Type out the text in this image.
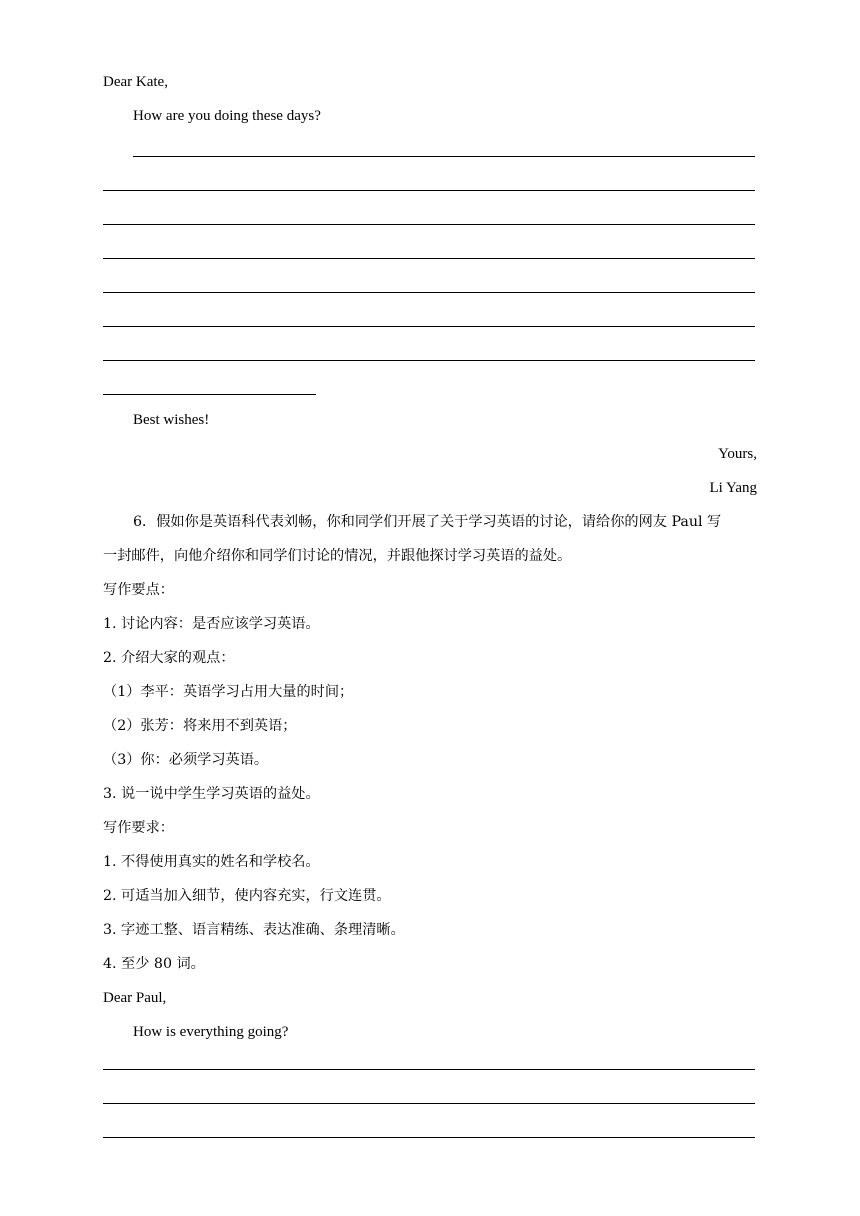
Dear Kate,
How are you doing these days?
Best wishes!
Yours,
Li Yang
6．假如你是英语科代表刘畅，你和同学们开展了关于学习英语的讨论，请给你的网友 Paul 写
一封邮件，向他介绍你和同学们讨论的情况，并跟他探讨学习英语的益处。
写作要点：
1. 讨论内容：是否应该学习英语。
2. 介绍大家的观点：
（1）李平：英语学习占用大量的时间；
（2）张芳：将来用不到英语；
（3）你：必须学习英语。
3. 说一说中学生学习英语的益处。
写作要求：
1. 不得使用真实的姓名和学校名。
2. 可适当加入细节，使内容充实，行文连贯。
3. 字迹工整、语言精练、表达准确、条理清晰。
4. 至少 80 词。
Dear Paul,
How is everything going?
